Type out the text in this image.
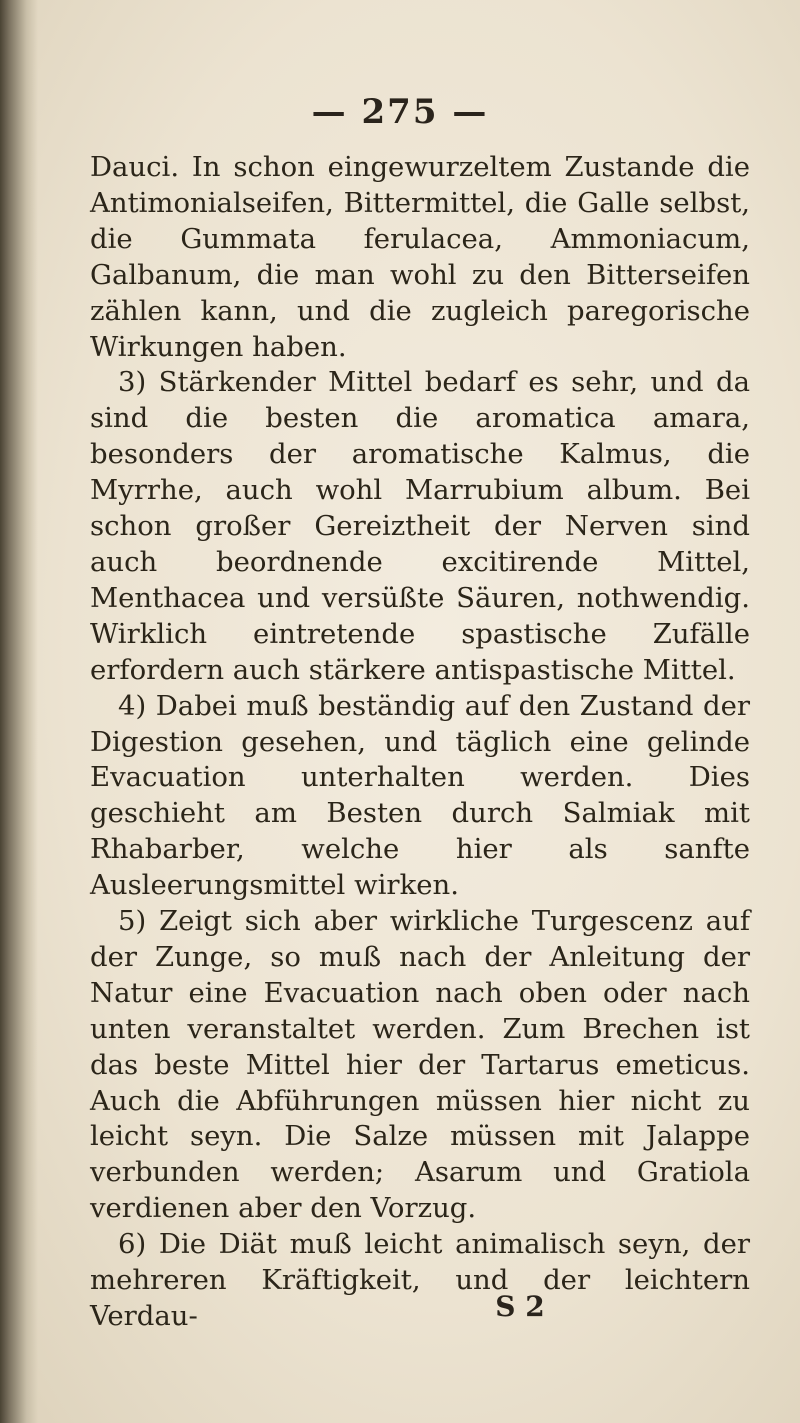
— 275 —

Dauci. In schon eingewurzeltem Zustande die Antimonialseifen, Bittermittel, die Galle selbst, die Gummata ferulacea, Ammoniacum, Galbanum, die man wohl zu den Bitterseifen zählen kann, und die zugleich paregorische Wirkungen haben.

3) Stärkender Mittel bedarf es sehr, und da sind die besten die aromatica amara, besonders der aromatische Kalmus, die Myrrhe, auch wohl Marrubium album. Bei schon großer Gereiztheit der Nerven sind auch beordnende excitirende Mittel, Menthacea und versüßte Säuren, nothwendig. Wirklich eintretende spastische Zufälle erfordern auch stärkere antispastische Mittel.

4) Dabei muß beständig auf den Zustand der Digestion gesehen, und täglich eine gelinde Evacuation unterhalten werden. Dies geschieht am Besten durch Salmiak mit Rhabarber, welche hier als sanfte Ausleerungsmittel wirken.

5) Zeigt sich aber wirkliche Turgescenz auf der Zunge, so muß nach der Anleitung der Natur eine Evacuation nach oben oder nach unten veranstaltet werden. Zum Brechen ist das beste Mittel hier der Tartarus emeticus. Auch die Abführungen müssen hier nicht zu leicht seyn. Die Salze müssen mit Jalappe verbunden werden; Asarum und Gratiola verdienen aber den Vorzug.

6) Die Diät muß leicht animalisch seyn, der mehreren Kräftigkeit, und der leichtern Verdau-	S 2
